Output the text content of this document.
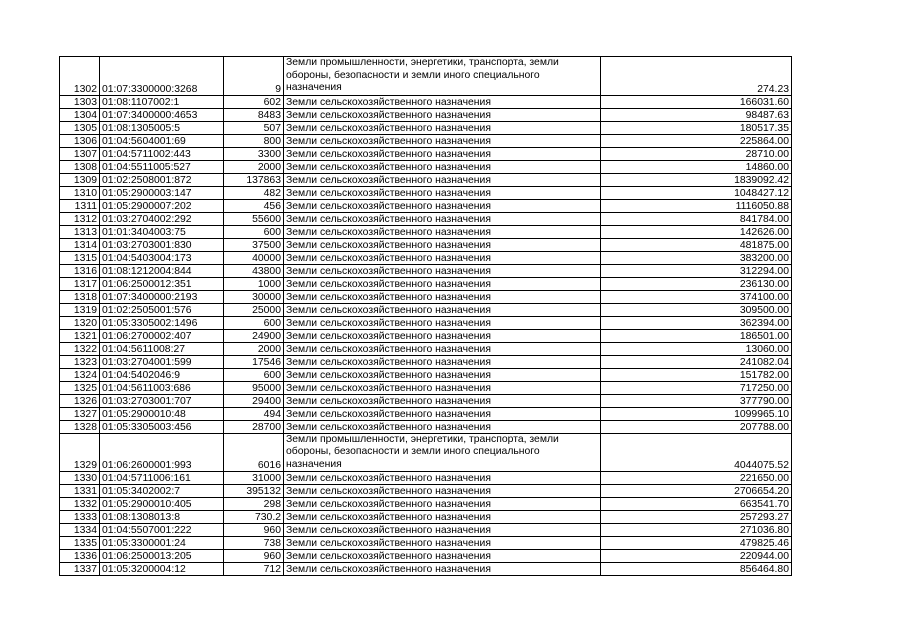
1302	01:07:3300000:3268	9	Земли промышленности, энергетики, транспорта, земли обороны, безопасности и земли иного специального назначения	274.23
1303	01:08:1107002:1	602	Земли сельскохозяйственного назначения	166031.60
1304	01:07:3400000:4653	8483	Земли сельскохозяйственного назначения	98487.63
1305	01:08:1305005:5	507	Земли сельскохозяйственного назначения	180517.35
1306	01:04:5604001:69	800	Земли сельскохозяйственного назначения	225864.00
1307	01:04:5711002:443	3300	Земли сельскохозяйственного назначения	28710.00
1308	01:04:5511005:527	2000	Земли сельскохозяйственного назначения	14860.00
1309	01:02:2508001:872	137863	Земли сельскохозяйственного назначения	1839092.42
1310	01:05:2900003:147	482	Земли сельскохозяйственного назначения	1048427.12
1311	01:05:2900007:202	456	Земли сельскохозяйственного назначения	1116050.88
1312	01:03:2704002:292	55600	Земли сельскохозяйственного назначения	841784.00
1313	01:01:3404003:75	600	Земли сельскохозяйственного назначения	142626.00
1314	01:03:2703001:830	37500	Земли сельскохозяйственного назначения	481875.00
1315	01:04:5403004:173	40000	Земли сельскохозяйственного назначения	383200.00
1316	01:08:1212004:844	43800	Земли сельскохозяйственного назначения	312294.00
1317	01:06:2500012:351	1000	Земли сельскохозяйственного назначения	236130.00
1318	01:07:3400000:2193	30000	Земли сельскохозяйственного назначения	374100.00
1319	01:02:2505001:576	25000	Земли сельскохозяйственного назначения	309500.00
1320	01:05:3305002:1496	600	Земли сельскохозяйственного назначения	362394.00
1321	01:06:2700002:407	24900	Земли сельскохозяйственного назначения	186501.00
1322	01:04:5611008:27	2000	Земли сельскохозяйственного назначения	13060.00
1323	01:03:2704001:599	17546	Земли сельскохозяйственного назначения	241082.04
1324	01:04:5402046:9	600	Земли сельскохозяйственного назначения	151782.00
1325	01:04:5611003:686	95000	Земли сельскохозяйственного назначения	717250.00
1326	01:03:2703001:707	29400	Земли сельскохозяйственного назначения	377790.00
1327	01:05:2900010:48	494	Земли сельскохозяйственного назначения	1099965.10
1328	01:05:3305003:456	28700	Земли сельскохозяйственного назначения	207788.00
1329	01:06:2600001:993	6016	Земли промышленности, энергетики, транспорта, земли обороны, безопасности и земли иного специального назначения	4044075.52
1330	01:04:5711006:161	31000	Земли сельскохозяйственного назначения	221650.00
1331	01:05:3402002:7	395132	Земли сельскохозяйственного назначения	2706654.20
1332	01:05:2900010:405	298	Земли сельскохозяйственного назначения	663541.70
1333	01:08:1308013:8	730.2	Земли сельскохозяйственного назначения	257293.27
1334	01:04:5507001:222	960	Земли сельскохозяйственного назначения	271036.80
1335	01:05:3300001:24	738	Земли сельскохозяйственного назначения	479825.46
1336	01:06:2500013:205	960	Земли сельскохозяйственного назначения	220944.00
1337	01:05:3200004:12	712	Земли сельскохозяйственного назначения	856464.80
